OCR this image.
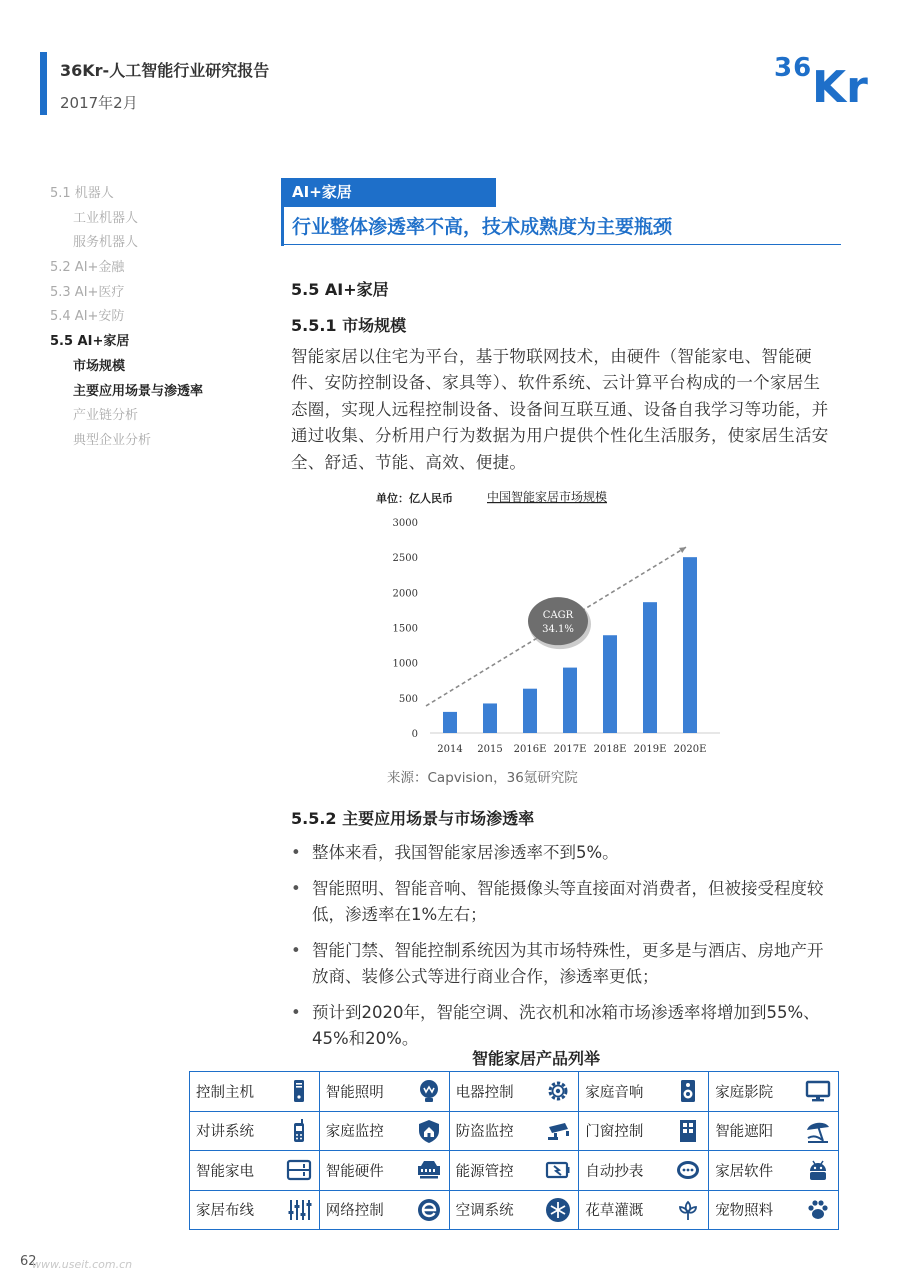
36Kr-人工智能行业研究报告
2017年2月
36 Kr
5.1 机器人
工业机器人
服务机器人
5.2 AI+金融
5.3 AI+医疗
5.4 AI+安防
5.5 AI+家居
市场规模
主要应用场景与渗透率
产业链分析
典型企业分析
AI+家居
行业整体渗透率不高，技术成熟度为主要瓶颈
5.5 AI+家居
5.5.1 市场规模
智能家居以住宅为平台，基于物联网技术，由硬件（智能家电、智能硬件、安防控制设备、家具等）、软件系统、云计算平台构成的一个家居生态圈，实现人远程控制设备、设备间互联互通、设备自我学习等功能，并通过收集、分析用户行为数据为用户提供个性化生活服务，使家居生活安全、舒适、节能、高效、便捷。
单位：亿人民币	中国智能家居市场规模
0
500
1000
1500
2000
2500
3000
2014 2015 2016E 2017E 2018E 2019E 2020E
CAGR
34.1%
来源：Capvision，36氪研究院
5.5.2 主要应用场景与市场渗透率
• 整体来看，我国智能家居渗透率不到5%。
• 智能照明、智能音响、智能摄像头等直接面对消费者，但被接受程度较低，渗透率在1%左右；
• 智能门禁、智能控制系统因为其市场特殊性，更多是与酒店、房地产开放商、装修公式等进行商业合作，渗透率更低；
• 预计到2020年，智能空调、洗衣机和冰箱市场渗透率将增加到55%、45%和20%。
智能家居产品列举
控制主机	智能照明	电器控制	家庭音响	家庭影院

对讲系统	家庭监控	防盗监控	门窗控制	智能遮阳

智能家电	智能硬件	能源管控	自动抄表	家居软件

家居布线	网络控制	空调系统	花草灌溉	宠物照料
62
www.useit.com.cn
